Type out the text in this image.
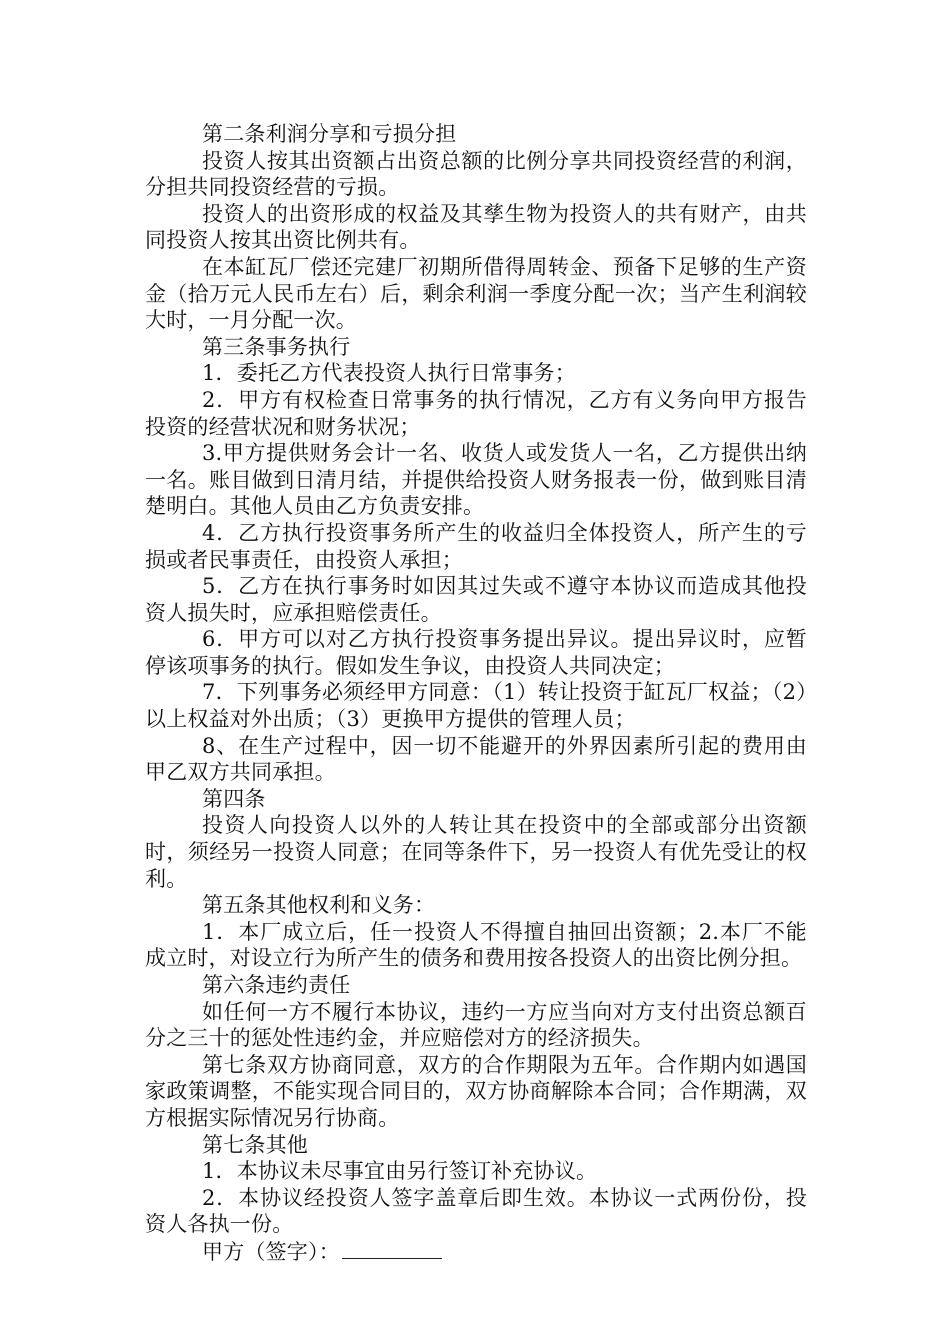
第二条利润分享和亏损分担

投资人按其出资额占出资总额的比例分享共同投资经营的利润，分担共同投资经营的亏损。

投资人的出资形成的权益及其孳生物为投资人的共有财产，由共同投资人按其出资比例共有。

在本缸瓦厂偿还完建厂初期所借得周转金、预备下足够的生产资金（拾万元人民币左右）后，剩余利润一季度分配一次；当产生利润较大时，一月分配一次。

第三条事务执行

1．委托乙方代表投资人执行日常事务；

2．甲方有权检查日常事务的执行情况，乙方有义务向甲方报告投资的经营状况和财务状况；

3.甲方提供财务会计一名、收货人或发货人一名，乙方提供出纳一名。账目做到日清月结，并提供给投资人财务报表一份，做到账目清楚明白。其他人员由乙方负责安排。

4．乙方执行投资事务所产生的收益归全体投资人，所产生的亏损或者民事责任，由投资人承担；

5．乙方在执行事务时如因其过失或不遵守本协议而造成其他投资人损失时，应承担赔偿责任。

6．甲方可以对乙方执行投资事务提出异议。提出异议时，应暂停该项事务的执行。假如发生争议，由投资人共同决定；

7．下列事务必须经甲方同意：（1）转让投资于缸瓦厂权益；（2）以上权益对外出质；（3）更换甲方提供的管理人员；

8、在生产过程中，因一切不能避开的外界因素所引起的费用由甲乙双方共同承担。

第四条

投资人向投资人以外的人转让其在投资中的全部或部分出资额时，须经另一投资人同意；在同等条件下，另一投资人有优先受让的权利。

第五条其他权利和义务：

1．本厂成立后，任一投资人不得擅自抽回出资额；2.本厂不能成立时，对设立行为所产生的债务和费用按各投资人的出资比例分担。

第六条违约责任

如任何一方不履行本协议，违约一方应当向对方支付出资总额百分之三十的惩处性违约金，并应赔偿对方的经济损失。

第七条双方协商同意，双方的合作期限为五年。合作期内如遇国家政策调整，不能实现合同目的，双方协商解除本合同；合作期满，双方根据实际情况另行协商。

第七条其他

1．本协议未尽事宜由另行签订补充协议。

2．本协议经投资人签字盖章后即生效。本协议一式两份份，投资人各执一份。

甲方（签字）：
